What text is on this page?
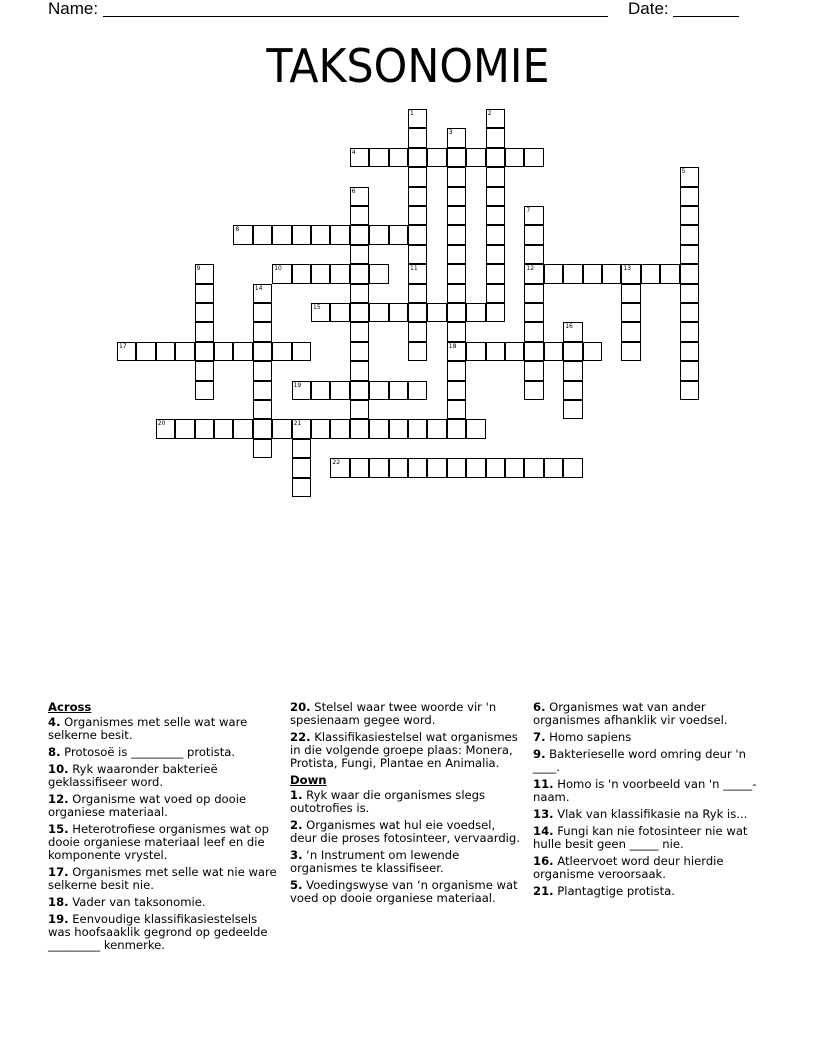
Name:	Date:
TAKSONOMIE
1
11
2
3
18
4
5
6
7
12
8
9	10	13
14
15
16
17
19
20	21
22
Across
4. Organismes met selle wat ware selkerne besit.
8. Protosoë is _________ protista.
10. Ryk waaronder bakterieë geklassifiseer word.
12. Organisme wat voed op dooie organiese materiaal.
15. Heterotrofiese organismes wat op dooie organiese materiaal leef en die komponente vrystel.
17. Organismes met selle wat nie ware selkerne besit nie.
18. Vader van taksonomie.
19. Eenvoudige klassifikasiestelsels was hoofsaaklik gegrond op gedeelde _________ kenmerke.
20. Stelsel waar twee woorde vir 'n spesienaam gegee word.
22. Klassifikasiestelsel wat organismes in die volgende groepe plaas: Monera, Protista, Fungi, Plantae en Animalia.
Down
1. Ryk waar die organismes slegs outotrofies is.
2. Organismes wat hul eie voedsel, deur die proses fotosinteer, vervaardig.
3. ‘n Instrument om lewende organismes te klassifiseer.
5. Voedingswyse van ‘n organisme wat voed op dooie organiese materiaal.
6. Organismes wat van ander organismes afhanklik vir voedsel.
7. Homo sapiens
9. Bakterieselle word omring deur 'n ____.
11. Homo is 'n voorbeeld van 'n _____-naam.
13. Vlak van klassifikasie na Ryk is...
14. Fungi kan nie fotosinteer nie wat hulle besit geen _____ nie.
16. Atleervoet word deur hierdie organisme veroorsaak.
21. Plantagtige protista.
